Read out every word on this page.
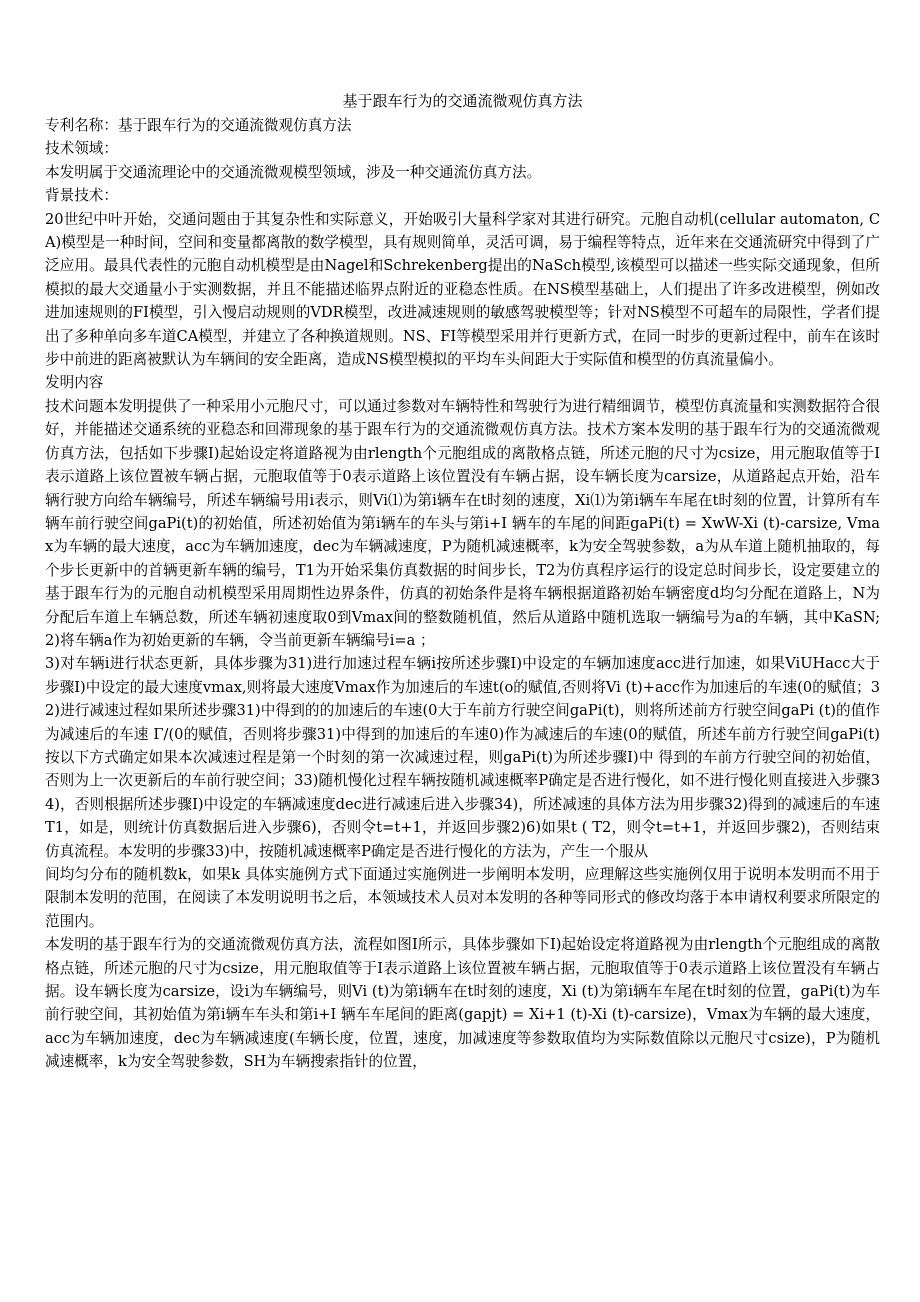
基于跟车行为的交通流微观仿真方法

专利名称：基于跟车行为的交通流微观仿真方法

技术领域：

本发明属于交通流理论中的交通流微观模型领域，涉及一种交通流仿真方法。

背景技术：

20世纪中叶开始，交通问题由于其复杂性和实际意义，开始吸引大量科学家对其进行研究。元胞自动机(cellular automaton, CA)模型是一种时间，空间和变量都离散的数学模型，具有规则简单，灵活可调，易于编程等特点，近年来在交通流研究中得到了广泛应用。最具代表性的元胞自动机模型是由Nagel和Schrekenberg提出的NaSch模型,该模型可以描述一些实际交通现象，但所模拟的最大交通量小于实测数据，并且不能描述临界点附近的亚稳态性质。在NS模型基础上，人们提出了许多改进模型，例如改进加速规则的FI模型，引入慢启动规则的VDR模型，改进减速规则的敏感驾驶模型等；针对NS模型不可超车的局限性，学者们提出了多种单向多车道CA模型，并建立了各种换道规则。NS、FI等模型采用并行更新方式，在同一时步的更新过程中，前车在该时步中前进的距离被默认为车辆间的安全距离，造成NS模型模拟的平均车头间距大于实际值和模型的仿真流量偏小。

发明内容

技术问题本发明提供了一种采用小元胞尺寸，可以通过参数对车辆特性和驾驶行为进行精细调节，模型仿真流量和实测数据符合很好，并能描述交通系统的亚稳态和回滞现象的基于跟车行为的交通流微观仿真方法。技术方案本发明的基于跟车行为的交通流微观仿真方法，包括如下步骤I)起始设定将道路视为由rlength个元胞组成的离散格点链，所述元胞的尺寸为csize，用元胞取值等于I表示道路上该位置被车辆占据，元胞取值等于0表示道路上该位置没有车辆占据，设车辆长度为carsize，从道路起点开始，沿车辆行驶方向给车辆编号，所述车辆编号用i表示，则Vi⑴为第i辆车在t时刻的速度，Xi⑴为第i辆车车尾在t时刻的位置，计算所有车辆车前行驶空间gaPi(t)的初始值，所述初始值为第i辆车的车头与第i+I 辆车的车尾的间距gaPi(t) = XwW-Xi (t)-carsize, Vmax为车辆的最大速度，acc为车辆加速度，dec为车辆减速度，P为随机减速概率，k为安全驾驶参数，a为从车道上随机抽取的，每个步长更新中的首辆更新车辆的编号，T1为开始采集仿真数据的时间步长，T2为仿真程序运行的设定总时间步长，设定要建立的基于跟车行为的元胞自动机模型采用周期性边界条件，仿真的初始条件是将车辆根据道路初始车辆密度d均匀分配在道路上，N为分配后车道上车辆总数，所述车辆初速度取0到Vmax间的整数随机值，然后从道路中随机选取一辆编号为a的车辆，其中KaSN;2)将车辆a作为初始更新的车辆，令当前更新车辆编号i=a ；

3)对车辆i进行状态更新，具体步骤为31)进行加速过程车辆i按所述步骤I)中设定的车辆加速度acc进行加速，如果ViUHacc大于步骤I)中设定的最大速度vmax,则将最大速度Vmax作为加速后的车速t(o的赋值,否则将Vi (t)+acc作为加速后的车速(0的赋值；32)进行减速过程如果所述步骤31)中得到的的加速后的车速(0大于车前方行驶空间gaPi(t)，则将所述前方行驶空间gaPi (t)的值作为减速后的车速 Γ/(0的赋值，否则将步骤31)中得到的加速后的车速0)作为减速后的车速(0的赋值，所述车前方行驶空间gaPi(t)按以下方式确定如果本次减速过程是第一个时刻的第一次减速过程，则gaPi(t)为所述步骤I)中 得到的车前方行驶空间的初始值，否则为上一次更新后的车前行驶空间；33)随机慢化过程车辆按随机减速概率P确定是否进行慢化，如不进行慢化则直接进入步骤34)，否则根据所述步骤I)中设定的车辆减速度dec进行减速后进入步骤34)，所述减速的具体方法为用步骤32)得到的减速后的车速T1，如是，则统计仿真数据后进入步骤6)，否则令t=t+1，并返回步骤2)6)如果t ( T2，则令t=t+1，并返回步骤2)，否则结束仿真流程。本发明的步骤33)中，按随机减速概率P确定是否进行慢化的方法为，产生一个服从

间均匀分布的随机数k，如果k 具体实施例方式下面通过实施例进一步阐明本发明，应理解这些实施例仅用于说明本发明而不用于限制本发明的范围，在阅读了本发明说明书之后，本领域技术人员对本发明的各种等同形式的修改均落于本申请权利要求所限定的范围内。

本发明的基于跟车行为的交通流微观仿真方法，流程如图I所示，具体步骤如下I)起始设定将道路视为由rlength个元胞组成的离散格点链，所述元胞的尺寸为csize，用元胞取值等于I表示道路上该位置被车辆占据，元胞取值等于0表示道路上该位置没有车辆占据。设车辆长度为carsize，设i为车辆编号，则Vi (t)为第i辆车在t时刻的速度，Xi (t)为第i辆车车尾在t时刻的位置，gaPi(t)为车前行驶空间，其初始值为第i辆车车头和第i+I 辆车车尾间的距离(gapjt) = Xi+1 (t)-Xi (t)-carsize)，Vmax为车辆的最大速度，acc为车辆加速度，dec为车辆减速度(车辆长度，位置，速度，加减速度等参数取值均为实际数值除以元胞尺寸csize)，P为随机减速概率，k为安全驾驶参数，SH为车辆搜索指针的位置，
